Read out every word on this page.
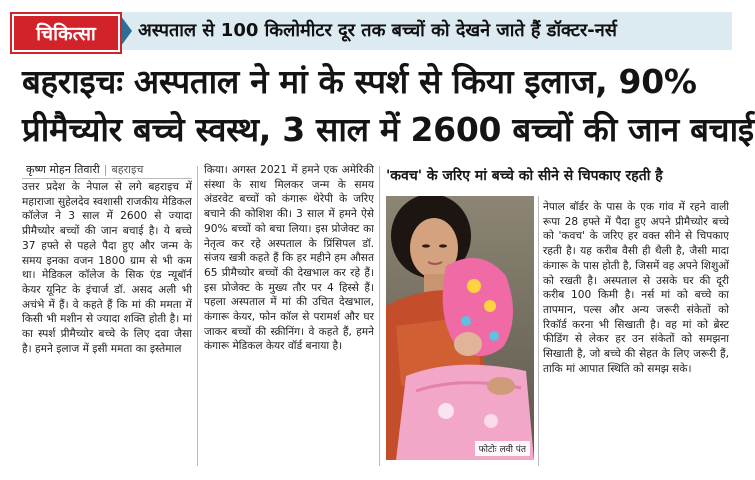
चिकित्सा	अस्पताल से 100 किलोमीटर दूर तक बच्चों को देखने जाते हैं डॉक्टर-नर्स
बहराइचः अस्पताल ने मां के स्पर्श से किया इलाज, 90%
प्रीमैच्योर बच्चे स्वस्थ, 3 साल में 2600 बच्चों की जान बचाई
कृष्ण मोहन तिवारी | बहराइच
उत्तर प्रदेश के नेपाल से लगे बहराइच में महाराजा सुहेलदेव स्वशासी राजकीय मेडिकल कॉलेज ने 3 साल में 2600 से ज्यादा प्रीमैच्योर बच्चों की जान बचाई है। ये बच्चे 37 हफ्ते से पहले पैदा हुए और जन्म के समय इनका वजन 1800 ग्राम से भी कम था। मेडिकल कॉलेज के सिक एंड न्यूबॉर्न केयर यूनिट के इंचार्ज डॉ. असद अली भी अचंभे में हैं। वे कहते हैं कि मां की ममता में किसी भी मशीन से ज्यादा शक्ति होती है। मां का स्पर्श प्रीमैच्योर बच्चे के लिए दवा जैसा है। हमने इलाज में इसी ममता का इस्तेमाल
किया। अगस्त 2021 में हमने एक अमेरिकी संस्था के साथ मिलकर जन्म के समय अंडरवेट बच्चों को कंगारू थेरेपी के जरिए बचाने की कोशिश की। 3 साल में हमने ऐसे 90% बच्चों को बचा लिया। इस प्रोजेक्ट का नेतृत्व कर रहे अस्पताल के प्रिंसिपल डॉ. संजय खत्री कहते हैं कि हर महीने हम औसत 65 प्रीमैच्योर बच्चों की देखभाल कर रहे हैं। इस प्रोजेक्ट के मुख्य तौर पर 4 हिस्से हैं। पहला अस्पताल में मां की उचित देखभाल, कंगारू केयर, फोन कॉल से परामर्श और घर जाकर बच्चों की स्क्रीनिंग। वे कहते हैं, हमने कंगारू मेडिकल केयर वॉर्ड बनाया है।
'कवच' के जरिए मां बच्चे को सीने से चिपकाए रहती है
फोटोः लवी पंत
नेपाल बॉर्डर के पास के एक गांव में रहने वाली रूपा 28 हफ्ते में पैदा हुए अपने प्रीमैच्योर बच्चे को 'कवच' के जरिए हर वक्त सीने से चिपकाए रहती है। यह करीब वैसी ही थैली है, जैसी मादा कंगारू के पास होती है, जिसमें वह अपने शिशुओं को रखती है। अस्पताल से उसके घर की दूरी करीब 100 किमी है। नर्स मां को बच्चे का तापमान, पल्स और अन्य जरूरी संकेतों को रिकॉर्ड करना भी सिखाती है। वह मां को ब्रेस्ट फीडिंग से लेकर हर उन संकेतों को समझना सिखाती है, जो बच्चे की सेहत के लिए जरूरी हैं, ताकि मां आपात स्थिति को समझ सके।
